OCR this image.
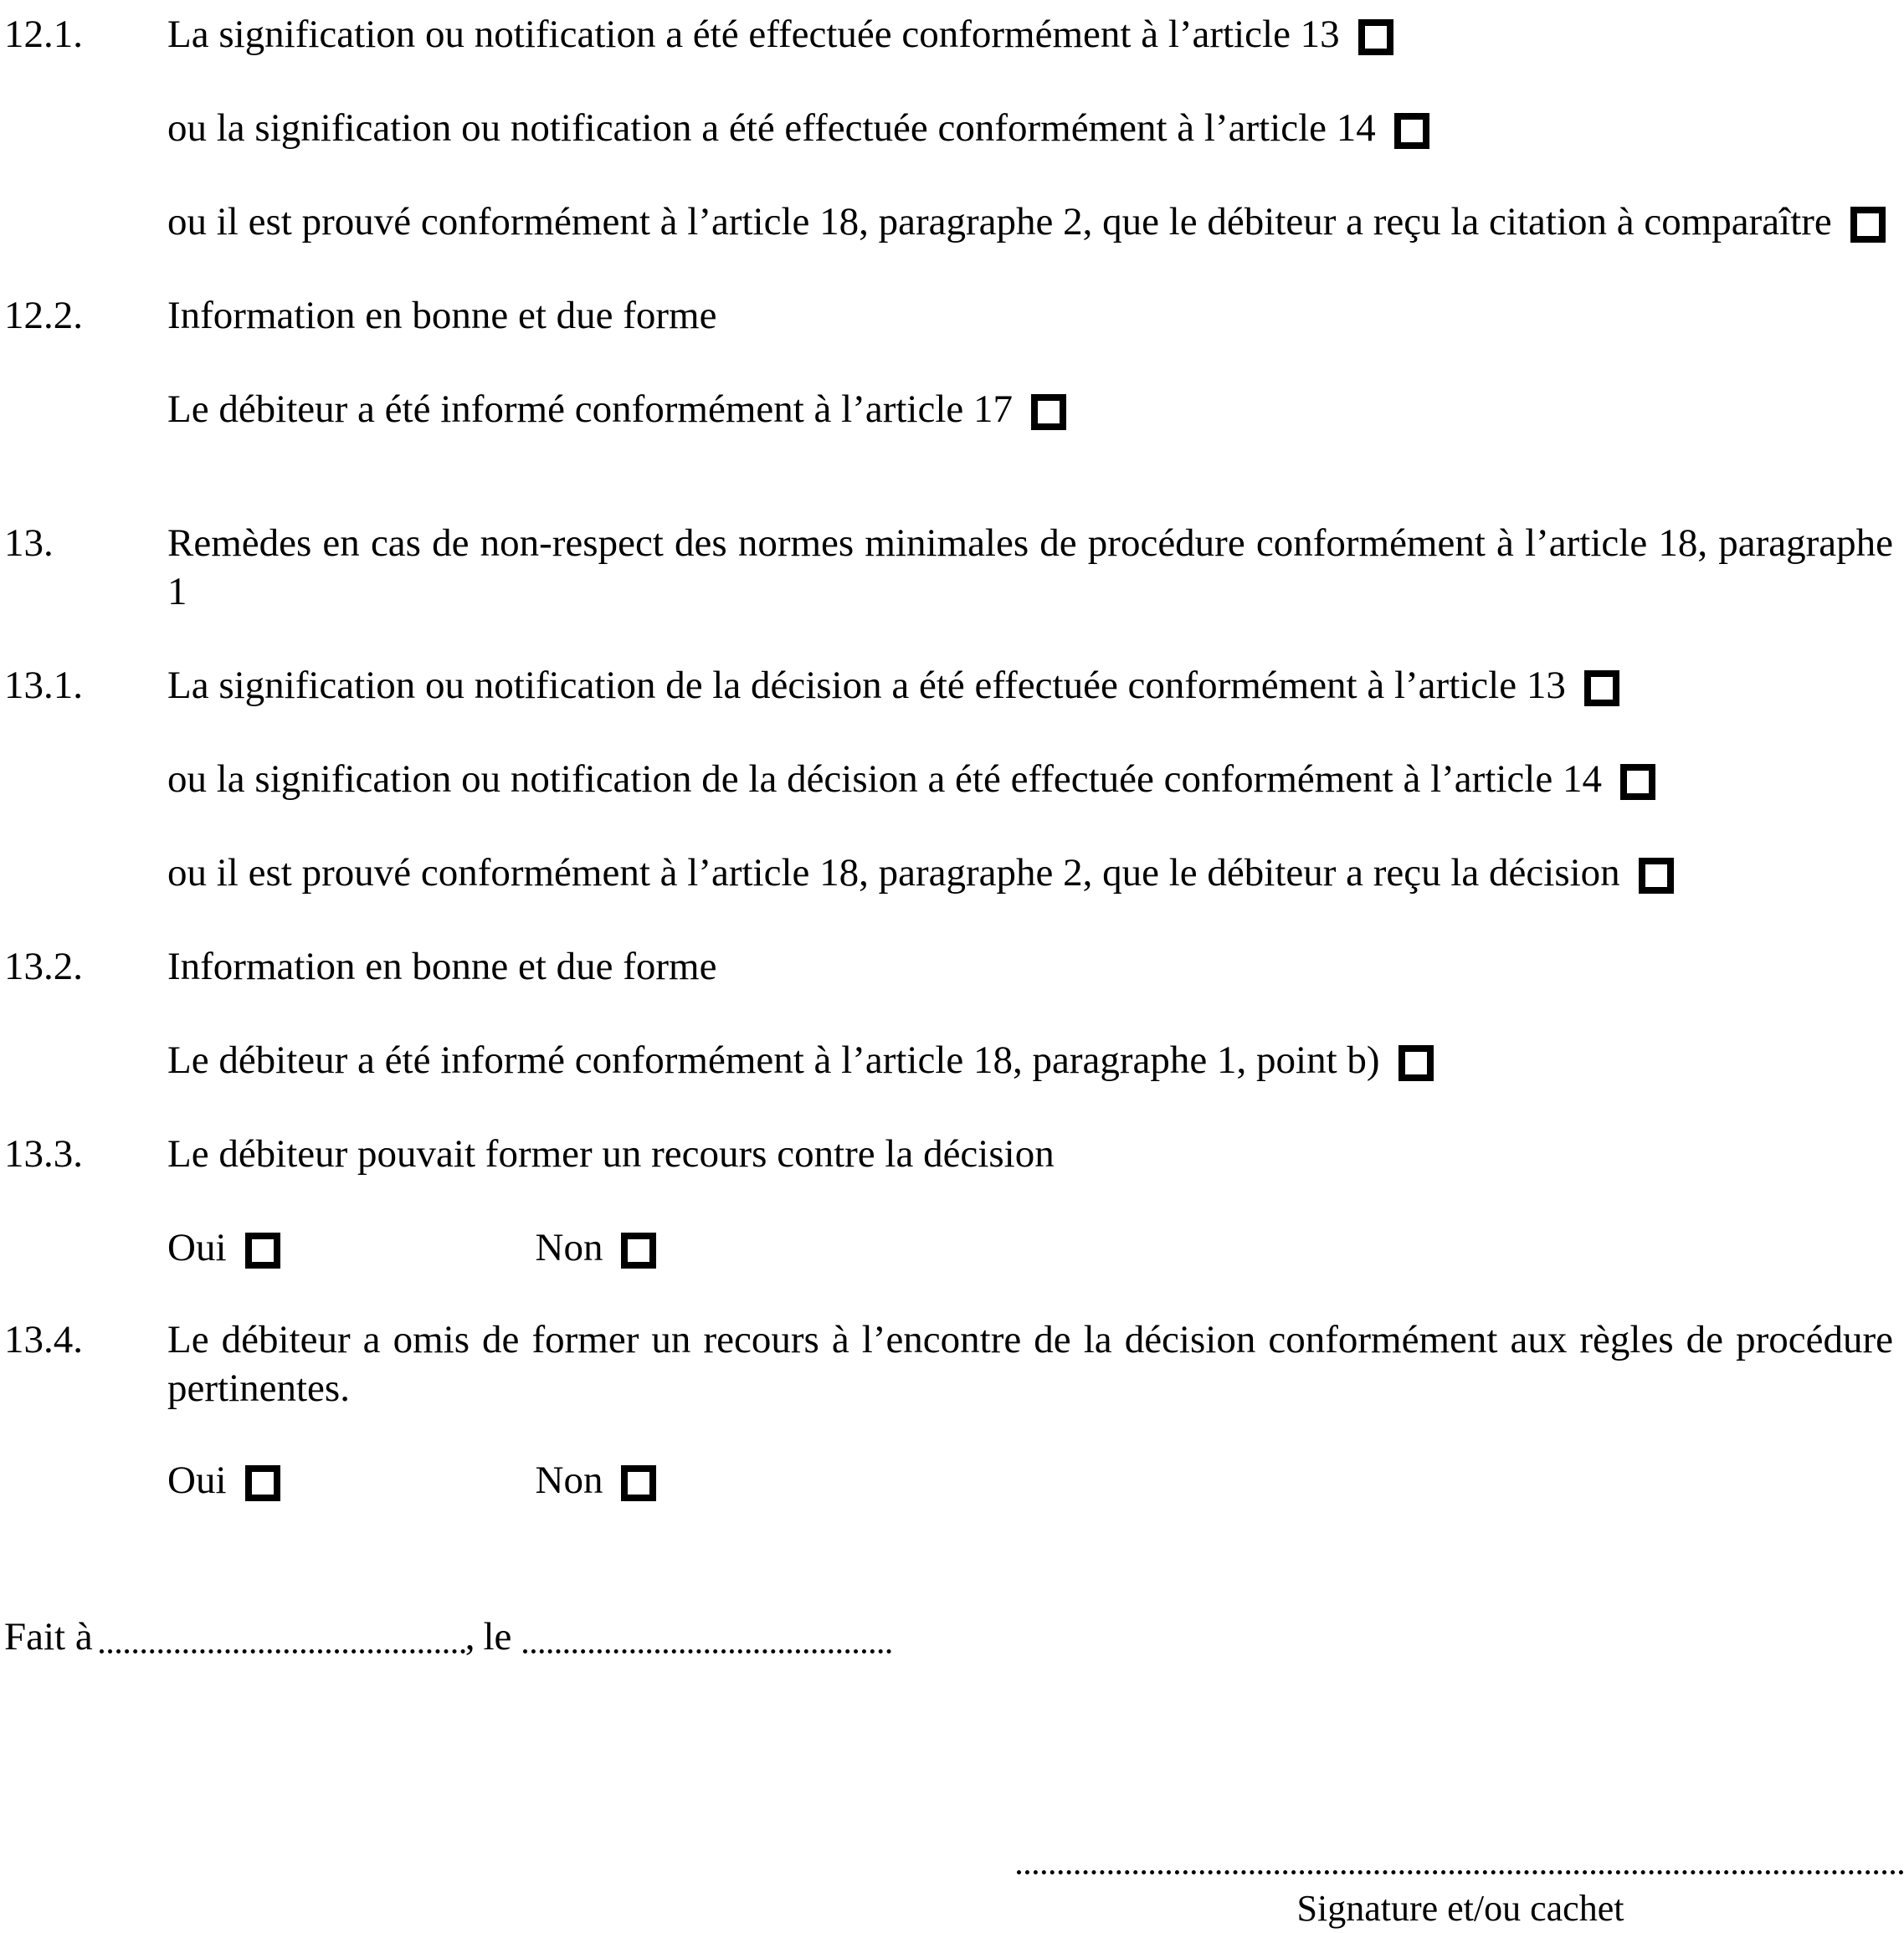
12.1.	La signification ou notification a été effectuée conformément à l’article 13
ou la signification ou notification a été effectuée conformément à l’article 14
ou il est prouvé conformément à l’article 18, paragraphe 2, que le débiteur a reçu la citation à comparaître
12.2.	Information en bonne et due forme
Le débiteur a été informé conformément à l’article 17
13.	Remèdes en cas de non-respect des normes minimales de procédure conformément à l’article 18, paragraphe 1
13.1.	La signification ou notification de la décision a été effectuée conformément à l’article 13
ou la signification ou notification de la décision a été effectuée conformément à l’article 14
ou il est prouvé conformément à l’article 18, paragraphe 2, que le débiteur a reçu la décision
13.2.	Information en bonne et due forme
Le débiteur a été informé conformément à l’article 18, paragraphe 1, point b)
13.3.	Le débiteur pouvait former un recours contre la décision
Oui	Non
13.4.	Le débiteur a omis de former un recours à l’encontre de la décision conformément aux règles de procédure pertinentes.
Oui	Non
Fait à	, le
Signature et/ou cachet
